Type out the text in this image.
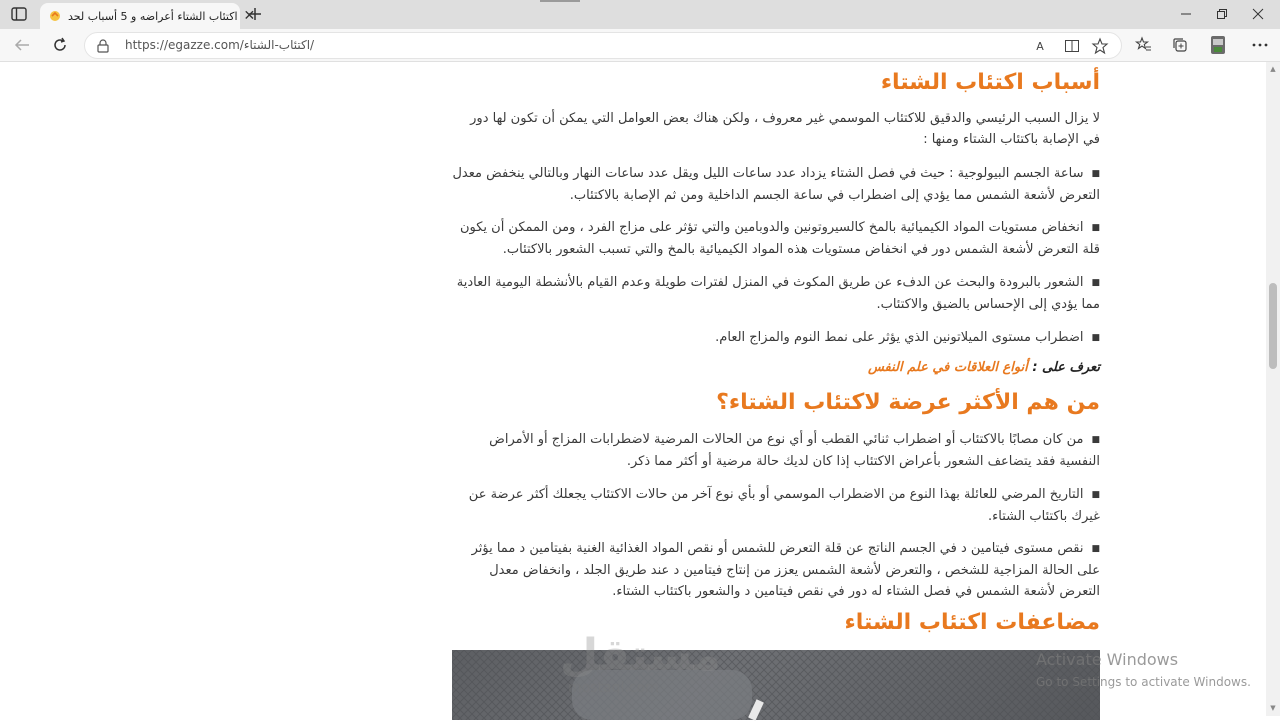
اكتئاب الشتاء أعراضه و 5 أسباب لحد ✕
https://egazze.com/اكتئاب-الشتاء/	A
أسباب اكتئاب الشتاء
لا يزال السبب الرئيسي والدقيق للاكتئاب الموسمي غير معروف ، ولكن هناك بعض العوامل التي يمكن أن تكون لها دور في الإصابة باكتئاب الشتاء ومنها :
■ساعة الجسم البيولوجية : حيث في فصل الشتاء يزداد عدد ساعات الليل ويقل عدد ساعات النهار وبالتالي ينخفض معدل التعرض لأشعة الشمس مما يؤدي إلى اضطراب في ساعة الجسم الداخلية ومن ثم الإصابة بالاكتئاب.
■انخفاض مستويات المواد الكيميائية بالمخ كالسيروتونين والدوبامين والتي تؤثر على مزاج الفرد ، ومن الممكن أن يكون قلة التعرض لأشعة الشمس دور في انخفاض مستويات هذه المواد الكيميائية بالمخ والتي تسبب الشعور بالاكتئاب.
■الشعور بالبرودة والبحث عن الدفء عن طريق المكوث في المنزل لفترات طويلة وعدم القيام بالأنشطة اليومية العادية مما يؤدي إلى الإحساس بالضيق والاكتئاب.
■اضطراب مستوى الميلاتونين الذي يؤثر على نمط النوم والمزاج العام.
تعرف على : أنواع العلاقات في علم النفس
من هم الأكثر عرضة لاكتئاب الشتاء؟
■من كان مصابًا بالاكتئاب أو اضطراب ثنائي القطب أو أي نوع من الحالات المرضية لاضطرابات المزاج أو الأمراض النفسية فقد يتضاعف الشعور بأعراض الاكتئاب إذا كان لديك حالة مرضية أو أكثر مما ذكر.
■التاريخ المرضي للعائلة بهذا النوع من الاضطراب الموسمي أو بأي نوع آخر من حالات الاكتئاب يجعلك أكثر عرضة عن غيرك باكتئاب الشتاء.
■نقص مستوى فيتامين د في الجسم الناتج عن قلة التعرض للشمس أو نقص المواد الغذائية الغنية بفيتامين د مما يؤثر على الحالة المزاجية للشخص ، والتعرض لأشعة الشمس يعزز من إنتاج فيتامين د عند طريق الجلد ، وانخفاض معدل التعرض لأشعة الشمس في فصل الشتاء له دور في نقص فيتامين د والشعور باكتئاب الشتاء.
مضاعفات اكتئاب الشتاء
مستقل
mostaql.com
Activate Windows
Go to Settings to activate Windows.
▲
▼
